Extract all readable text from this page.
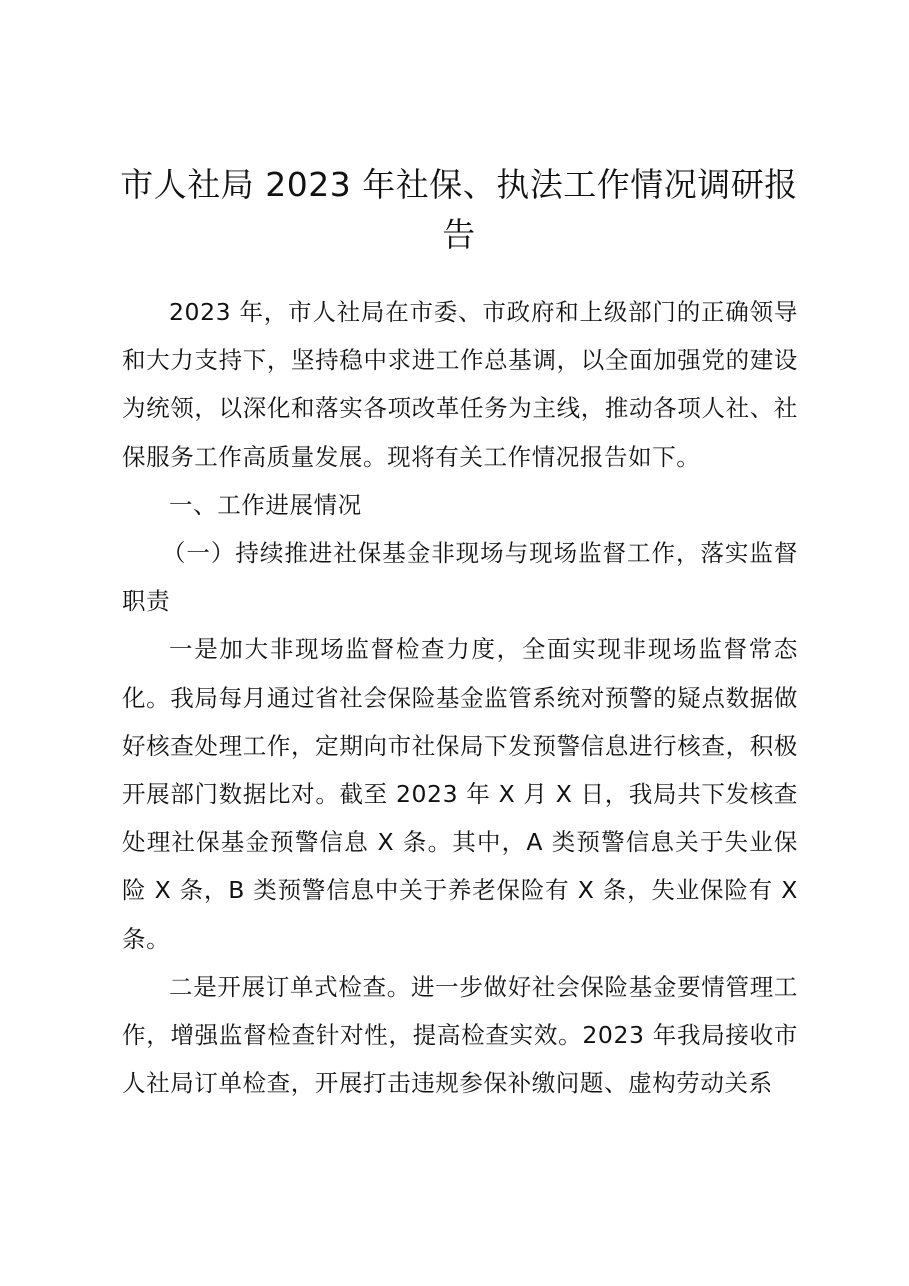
市人社局 2023 年社保、执法工作情况调研报告

2023 年，市人社局在市委、市政府和上级部门的正确领导和大力支持下，坚持稳中求进工作总基调，以全面加强党的建设为统领，以深化和落实各项改革任务为主线，推动各项人社、社保服务工作高质量发展。现将有关工作情况报告如下。

一、工作进展情况

（一）持续推进社保基金非现场与现场监督工作，落实监督职责

一是加大非现场监督检查力度，全面实现非现场监督常态化。我局每月通过省社会保险基金监管系统对预警的疑点数据做好核查处理工作，定期向市社保局下发预警信息进行核查，积极开展部门数据比对。截至 2023 年 X 月 X 日，我局共下发核查处理社保基金预警信息 X 条。其中，A 类预警信息关于失业保险 X 条，B 类预警信息中关于养老保险有 X 条，失业保险有 X 条。

二是开展订单式检查。进一步做好社会保险基金要情管理工作，增强监督检查针对性，提高检查实效。2023 年我局接收市人社局订单检查，开展打击违规参保补缴问题、虚构劳动关系
